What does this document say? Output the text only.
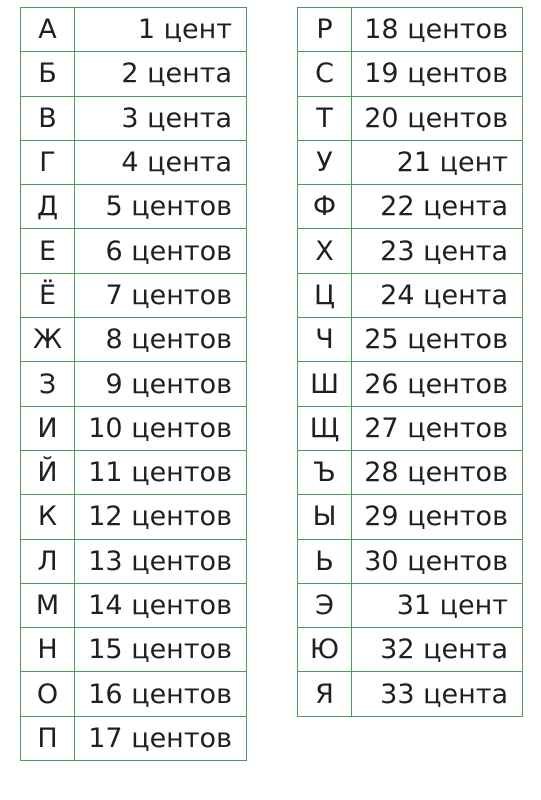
А	1 цент
Б	2 цента
В	3 цента
Г	4 цента
Д	5 центов
Е	6 центов
Ё	7 центов
Ж	8 центов
З	9 центов
И	10 центов
Й	11 центов
К	12 центов
Л	13 центов
М	14 центов
Н	15 центов
О	16 центов
П	17 центов
Р	18 центов
С	19 центов
Т	20 центов
У	21 цент
Ф	22 цента
Х	23 цента
Ц	24 цента
Ч	25 центов
Ш	26 центов
Щ	27 центов
Ъ	28 центов
Ы	29 центов
Ь	30 центов
Э	31 цент
Ю	32 цента
Я	33 цента
